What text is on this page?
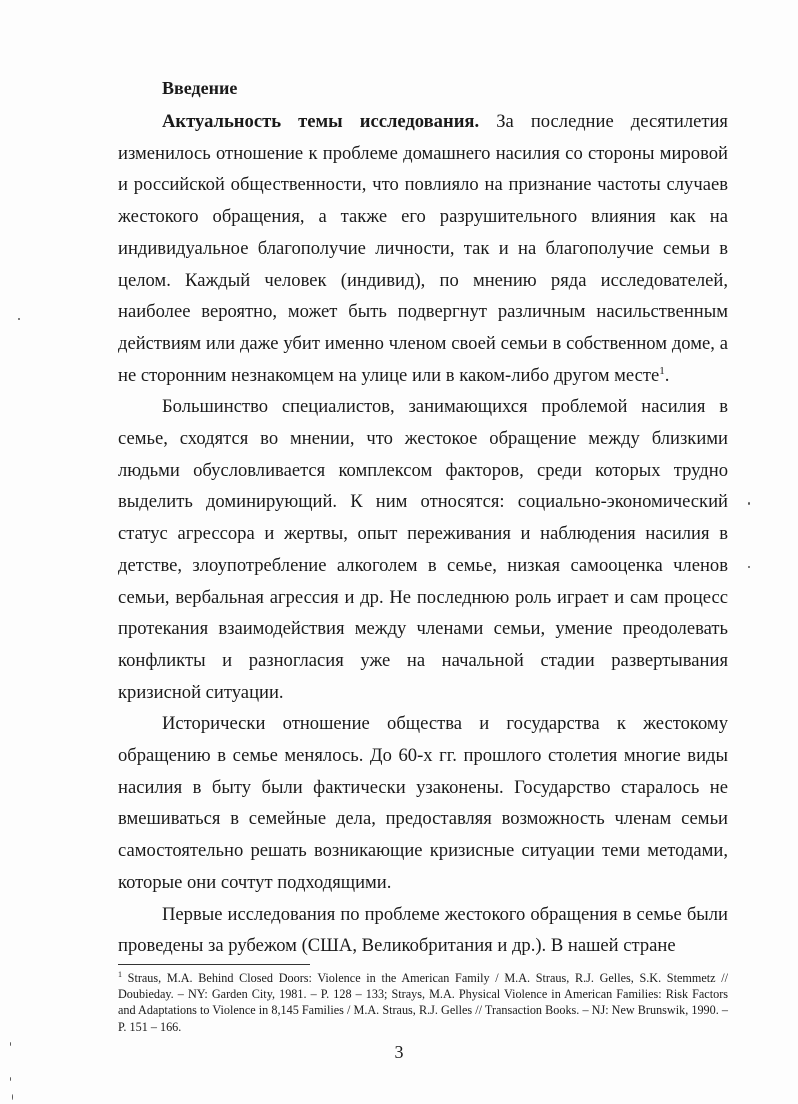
Введение

Актуальность темы исследования. За последние десятилетия изменилось отношение к проблеме домашнего насилия со стороны мировой и российской общественности, что повлияло на признание частоты случаев жестокого обращения, а также его разрушительного влияния как на индивидуальное благополучие личности, так и на благополучие семьи в целом. Каждый человек (индивид), по мнению ряда исследователей, наиболее вероятно, может быть подвергнут различным насильственным действиям или даже убит именно членом своей семьи в собственном доме, а не сторонним незнакомцем на улице или в каком-либо другом месте$^1$.

Большинство специалистов, занимающихся проблемой насилия в семье, сходятся во мнении, что жестокое обращение между близкими людьми обусловливается комплексом факторов, среди которых трудно выделить доминирующий. К ним относятся: социально-экономический статус агрессора и жертвы, опыт переживания и наблюдения насилия в детстве, злоупотребление алкоголем в семье, низкая самооценка членов семьи, вербальная агрессия и др. Не последнюю роль играет и сам процесс протекания взаимодействия между членами семьи, умение преодолевать конфликты и разногласия уже на начальной стадии развертывания кризисной ситуации.

Исторически отношение общества и государства к жестокому обращению в семье менялось. До 60-х гг. прошлого столетия многие виды насилия в быту были фактически узаконены. Государство старалось не вмешиваться в семейные дела, предоставляя возможность членам семьи самостоятельно решать возникающие кризисные ситуации теми методами, которые они сочтут подходящими.

Первые исследования по проблеме жестокого обращения в семье были проведены за рубежом (США, Великобритания и др.). В нашей стране

$^1$ Straus, M.A. Behind Closed Doors: Violence in the American Family / M.A. Straus, R.J. Gelles, S.K. Stemmetz // Doubieday. – NY: Garden City, 1981. – P. 128 – 133; Strays, M.A. Physical Violence in American Families: Risk Factors and Adaptations to Violence in 8,145 Families / M.A. Straus, R.J. Gelles // Transaction Books. – NJ: New Brunswik, 1990. – P. 151 – 166.

3
